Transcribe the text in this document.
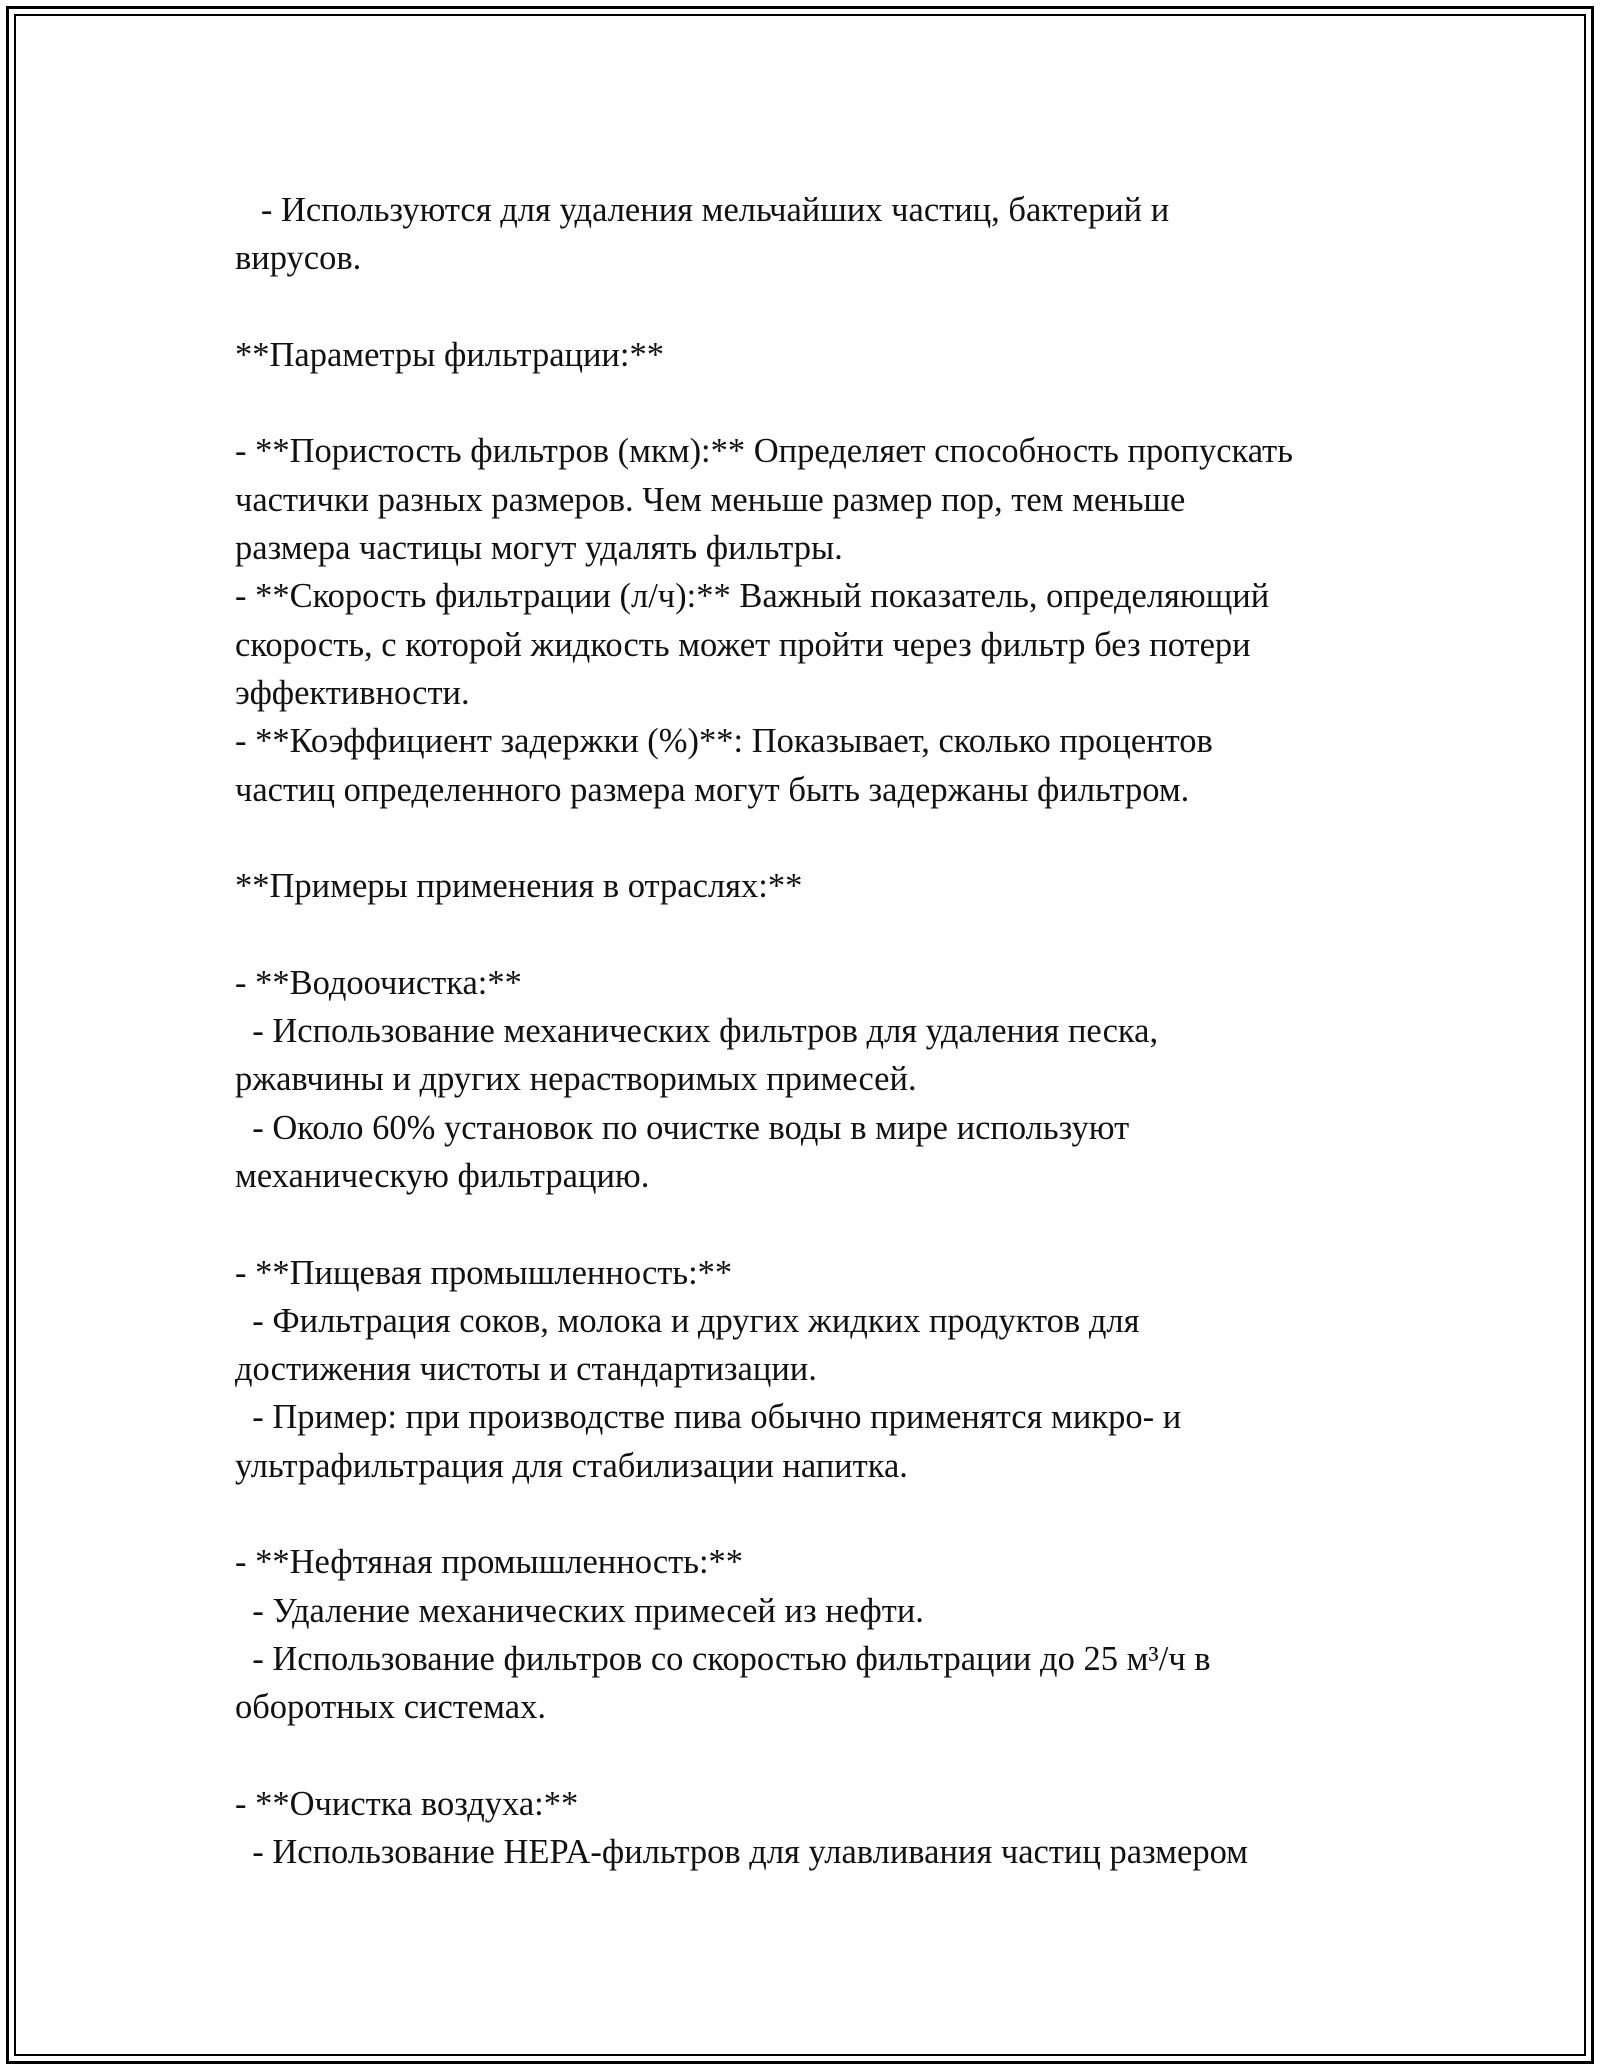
- Используются для удаления мельчайших частиц, бактерий и
вирусов.
**Параметры фильтрации:**
- **Пористость фильтров (мкм):** Определяет способность пропускать
частички разных размеров. Чем меньше размер пор, тем меньше
размера частицы могут удалять фильтры.
- **Скорость фильтрации (л/ч):** Важный показатель, определяющий
скорость, с которой жидкость может пройти через фильтр без потери
эффективности.
- **Коэффициент задержки (%)**: Показывает, сколько процентов
частиц определенного размера могут быть задержаны фильтром.
**Примеры применения в отраслях:**
- **Водоочистка:**
- Использование механических фильтров для удаления песка,
ржавчины и других нерастворимых примесей.
- Около 60% установок по очистке воды в мире используют
механическую фильтрацию.
- **Пищевая промышленность:**
- Фильтрация соков, молока и других жидких продуктов для
достижения чистоты и стандартизации.
- Пример: при производстве пива обычно применятся микро- и
ультрафильтрация для стабилизации напитка.
- **Нефтяная промышленность:**
- Удаление механических примесей из нефти.
- Использование фильтров со скоростью фильтрации до 25 м³/ч в
оборотных системах.
- **Очистка воздуха:**
- Использование HEPA-фильтров для улавливания частиц размером
